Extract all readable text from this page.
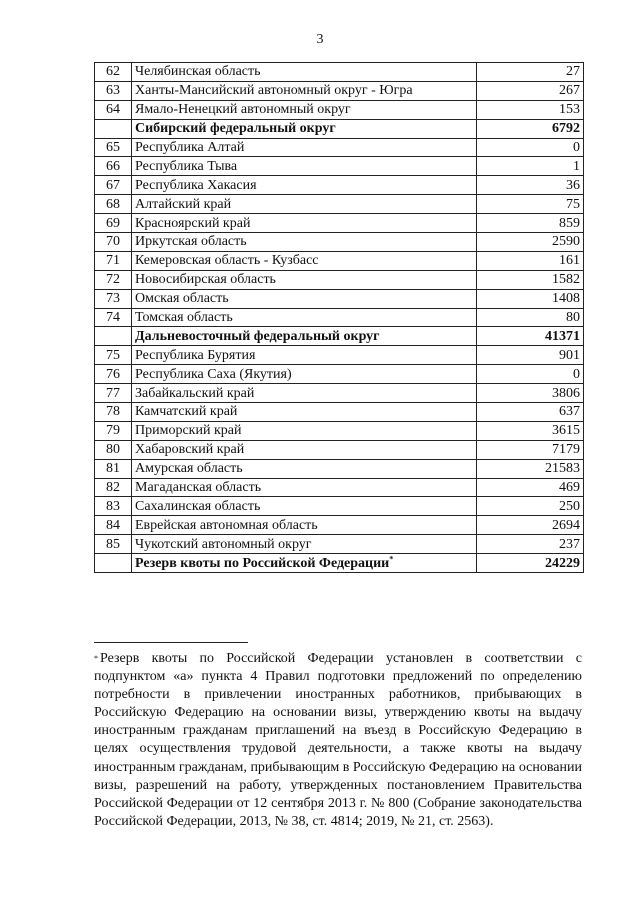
3
62	Челябинская область	27
63	Ханты-Мансийский автономный округ - Югра	267
64	Ямало-Ненецкий автономный округ	153
	Сибирский федеральный округ	6792
65	Республика Алтай	0
66	Республика Тыва	1
67	Республика Хакасия	36
68	Алтайский край	75
69	Красноярский край	859
70	Иркутская область	2590
71	Кемеровская область - Кузбасс	161
72	Новосибирская область	1582
73	Омская область	1408
74	Томская область	80
	Дальневосточный федеральный округ	41371
75	Республика Бурятия	901
76	Республика Саха (Якутия)	0
77	Забайкальский край	3806
78	Камчатский край	637
79	Приморский край	3615
80	Хабаровский край	7179
81	Амурская область	21583
82	Магаданская область	469
83	Сахалинская область	250
84	Еврейская автономная область	2694
85	Чукотский автономный округ	237
	Резерв квоты по Российской Федерации*	24229
* Резерв квоты по Российской Федерации установлен в соответствии с подпунктом «а» пункта 4 Правил подготовки предложений по определению потребности в привлечении иностранных работников, прибывающих в Российскую Федерацию на основании визы, утверждению квоты на выдачу иностранным гражданам приглашений на въезд в Российскую Федерацию в целях осуществления трудовой деятельности, а также квоты на выдачу иностранным гражданам, прибывающим в Российскую Федерацию на основании визы, разрешений на работу, утвержденных постановлением Правительства Российской Федерации от 12 сентября 2013 г. № 800 (Собрание законодательства Российской Федерации, 2013, № 38, ст. 4814; 2019, № 21, ст. 2563).
